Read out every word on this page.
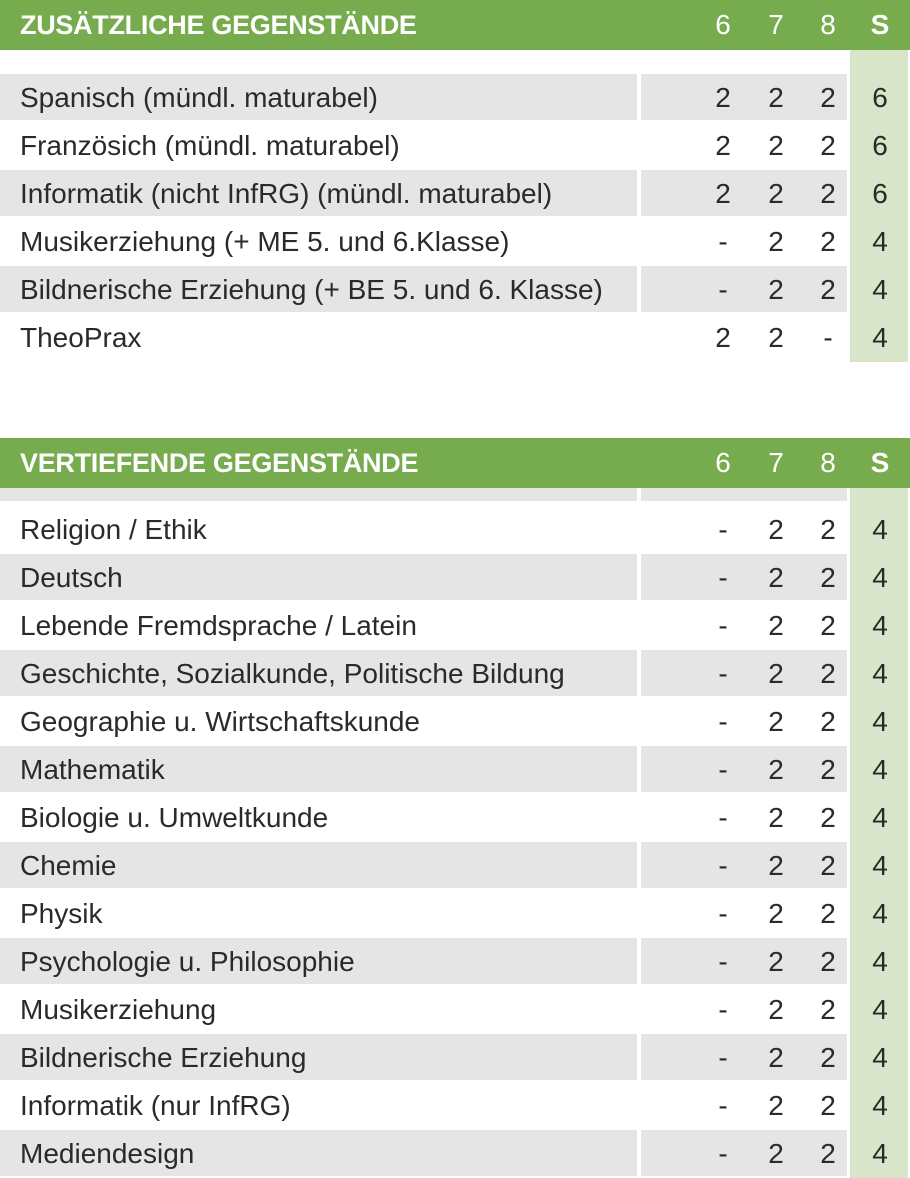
ZUSÄTZLICHE GEGENSTÄNDE	6	7	8	S
Spanisch (mündl. maturabel)	2	2	2	6
Französich (mündl. maturabel)	2	2	2	6
Informatik (nicht InfRG) (mündl. maturabel)	2	2	2	6
Musikerziehung (+ ME 5. und 6.Klasse)	-	2	2	4
Bildnerische Erziehung (+ BE 5. und 6. Klasse)	-	2	2	4
TheoPrax	2	2	-	4
VERTIEFENDE GEGENSTÄNDE	6	7	8	S
Religion / Ethik	-	2	2	4
Deutsch	-	2	2	4
Lebende Fremdsprache / Latein	-	2	2	4
Geschichte, Sozialkunde, Politische Bildung	-	2	2	4
Geographie u. Wirtschaftskunde	-	2	2	4
Mathematik	-	2	2	4
Biologie u. Umweltkunde	-	2	2	4
Chemie	-	2	2	4
Physik	-	2	2	4
Psychologie u. Philosophie	-	2	2	4
Musikerziehung	-	2	2	4
Bildnerische Erziehung	-	2	2	4
Informatik (nur InfRG)	-	2	2	4
Mediendesign	-	2	2	4
